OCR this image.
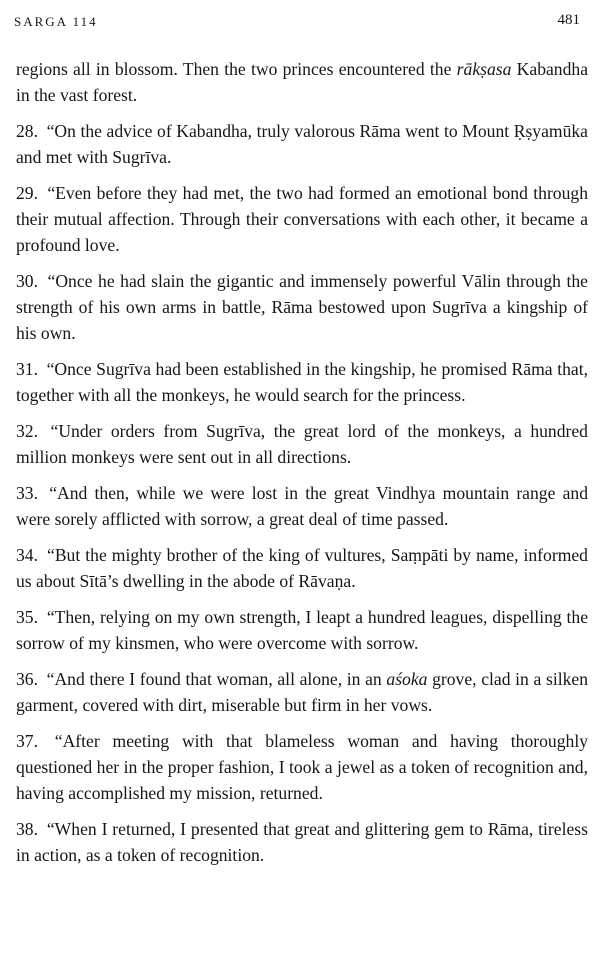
SARGA 114	481

regions all in blossom. Then the two princes encountered the rākṣasa Kabandha in the vast forest.

28. “On the advice of Kabandha, truly valorous Rāma went to Mount Ṛṣyamūka and met with Sugrīva.

29. “Even before they had met, the two had formed an emotional bond through their mutual affection. Through their conversations with each other, it became a profound love.

30. “Once he had slain the gigantic and immensely powerful Vālin through the strength of his own arms in battle, Rāma bestowed upon Sugrīva a kingship of his own.

31. “Once Sugrīva had been established in the kingship, he promised Rāma that, together with all the monkeys, he would search for the princess.

32. “Under orders from Sugrīva, the great lord of the monkeys, a hundred million monkeys were sent out in all directions.

33. “And then, while we were lost in the great Vindhya mountain range and were sorely afflicted with sorrow, a great deal of time passed.

34. “But the mighty brother of the king of vultures, Saṃpāti by name, informed us about Sītā’s dwelling in the abode of Rāvaṇa.

35. “Then, relying on my own strength, I leapt a hundred leagues, dispelling the sorrow of my kinsmen, who were overcome with sorrow.

36. “And there I found that woman, all alone, in an aśoka grove, clad in a silken garment, covered with dirt, miserable but firm in her vows.

37. “After meeting with that blameless woman and having thoroughly questioned her in the proper fashion, I took a jewel as a token of recognition and, having accomplished my mission, returned.

38. “When I returned, I presented that great and glittering gem to Rāma, tireless in action, as a token of recognition.
